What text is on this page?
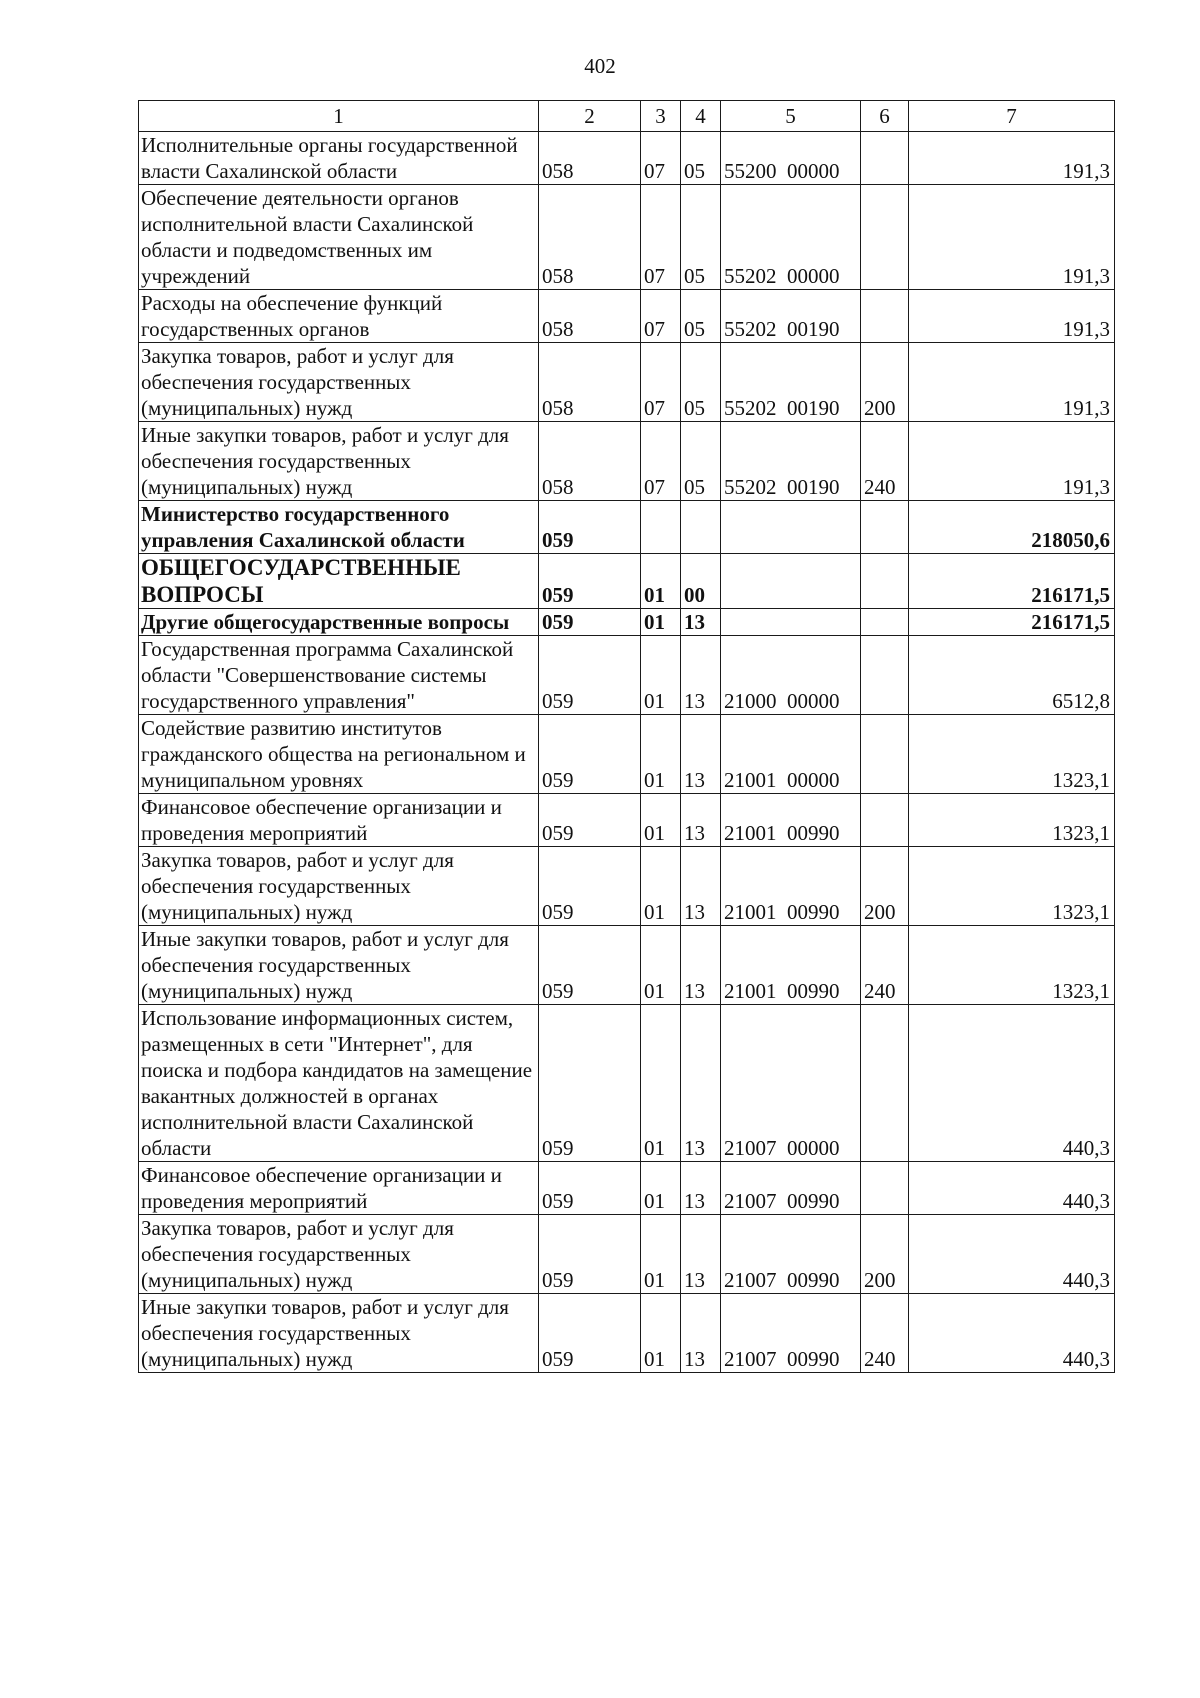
402
1	2	3	4	5	6	7
Исполнительные органы государственной власти Сахалинской области	058	07	05	55200  00000		191,3
Обеспечение деятельности органов исполнительной власти Сахалинской области и подведомственных им учреждений	058	07	05	55202  00000		191,3
Расходы на обеспечение функций государственных органов	058	07	05	55202  00190		191,3
Закупка товаров, работ и услуг для обеспечения государственных (муниципальных) нужд	058	07	05	55202  00190	200	191,3
Иные закупки товаров, работ и услуг для обеспечения государственных (муниципальных) нужд	058	07	05	55202  00190	240	191,3
Министерство государственного управления Сахалинской области	059					218050,6
ОБЩЕГОСУДАРСТВЕННЫЕ ВОПРОСЫ	059	01	00			216171,5
Другие общегосударственные вопросы	059	01	13			216171,5
Государственная программа Сахалинской области "Совершенствование системы государственного управления"	059	01	13	21000  00000		6512,8
Содействие развитию институтов гражданского общества на региональном и муниципальном уровнях	059	01	13	21001  00000		1323,1
Финансовое обеспечение организации и проведения мероприятий	059	01	13	21001  00990		1323,1
Закупка товаров, работ и услуг для обеспечения государственных (муниципальных) нужд	059	01	13	21001  00990	200	1323,1
Иные закупки товаров, работ и услуг для обеспечения государственных (муниципальных) нужд	059	01	13	21001  00990	240	1323,1
Использование информационных систем, размещенных в сети "Интернет", для поиска и подбора кандидатов на замещение вакантных должностей в органах исполнительной власти Сахалинской области	059	01	13	21007  00000		440,3
Финансовое обеспечение организации и проведения мероприятий	059	01	13	21007  00990		440,3
Закупка товаров, работ и услуг для обеспечения государственных (муниципальных) нужд	059	01	13	21007  00990	200	440,3
Иные закупки товаров, работ и услуг для обеспечения государственных (муниципальных) нужд	059	01	13	21007  00990	240	440,3
